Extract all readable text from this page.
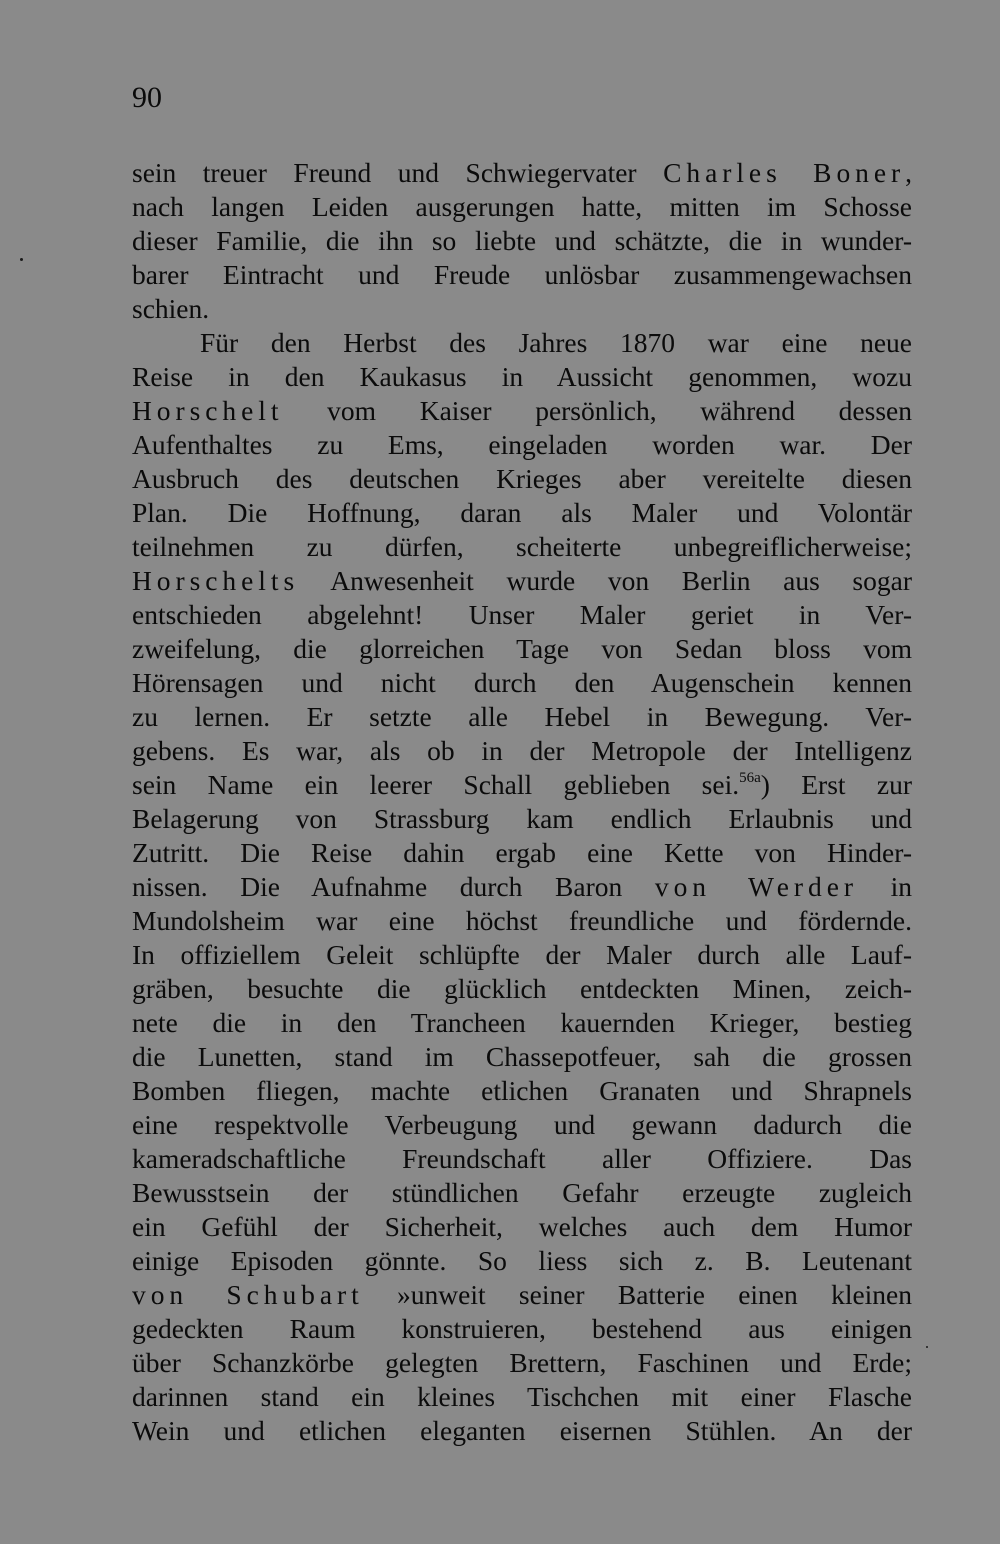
90
sein treuer Freund und Schwiegervater Charles Boner,
nach langen Leiden ausgerungen hatte, mitten im Schosse
dieser Familie, die ihn so liebte und schätzte, die in wunder-
barer Eintracht und Freude unlösbar zusammengewachsen
schien.
Für den Herbst des Jahres 1870 war eine neue
Reise in den Kaukasus in Aussicht genommen, wozu
Horschelt vom Kaiser persönlich, während dessen
Aufenthaltes zu Ems, eingeladen worden war. Der
Ausbruch des deutschen Krieges aber vereitelte diesen
Plan. Die Hoffnung, daran als Maler und Volontär
teilnehmen zu dürfen, scheiterte unbegreiflicherweise;
Horschelts Anwesenheit wurde von Berlin aus sogar
entschieden abgelehnt! Unser Maler geriet in Ver-
zweifelung, die glorreichen Tage von Sedan bloss vom
Hörensagen und nicht durch den Augenschein kennen
zu lernen. Er setzte alle Hebel in Bewegung. Ver-
gebens. Es war, als ob in der Metropole der Intelligenz
sein Name ein leerer Schall geblieben sei.$^{56a}$) Erst zur
Belagerung von Strassburg kam endlich Erlaubnis und
Zutritt. Die Reise dahin ergab eine Kette von Hinder-
nissen. Die Aufnahme durch Baron von Werder in
Mundolsheim war eine höchst freundliche und fördernde.
In offiziellem Geleit schlüpfte der Maler durch alle Lauf-
gräben, besuchte die glücklich entdeckten Minen, zeich-
nete die in den Trancheen kauernden Krieger, bestieg
die Lunetten, stand im Chassepotfeuer, sah die grossen
Bomben fliegen, machte etlichen Granaten und Shrapnels
eine respektvolle Verbeugung und gewann dadurch die
kameradschaftliche Freundschaft aller Offiziere. Das
Bewusstsein der stündlichen Gefahr erzeugte zugleich
ein Gefühl der Sicherheit, welches auch dem Humor
einige Episoden gönnte. So liess sich z. B. Leutenant
von Schubart »unweit seiner Batterie einen kleinen
gedeckten Raum konstruieren, bestehend aus einigen
über Schanzkörbe gelegten Brettern, Faschinen und Erde;
darinnen stand ein kleines Tischchen mit einer Flasche
Wein und etlichen eleganten eisernen Stühlen. An der
